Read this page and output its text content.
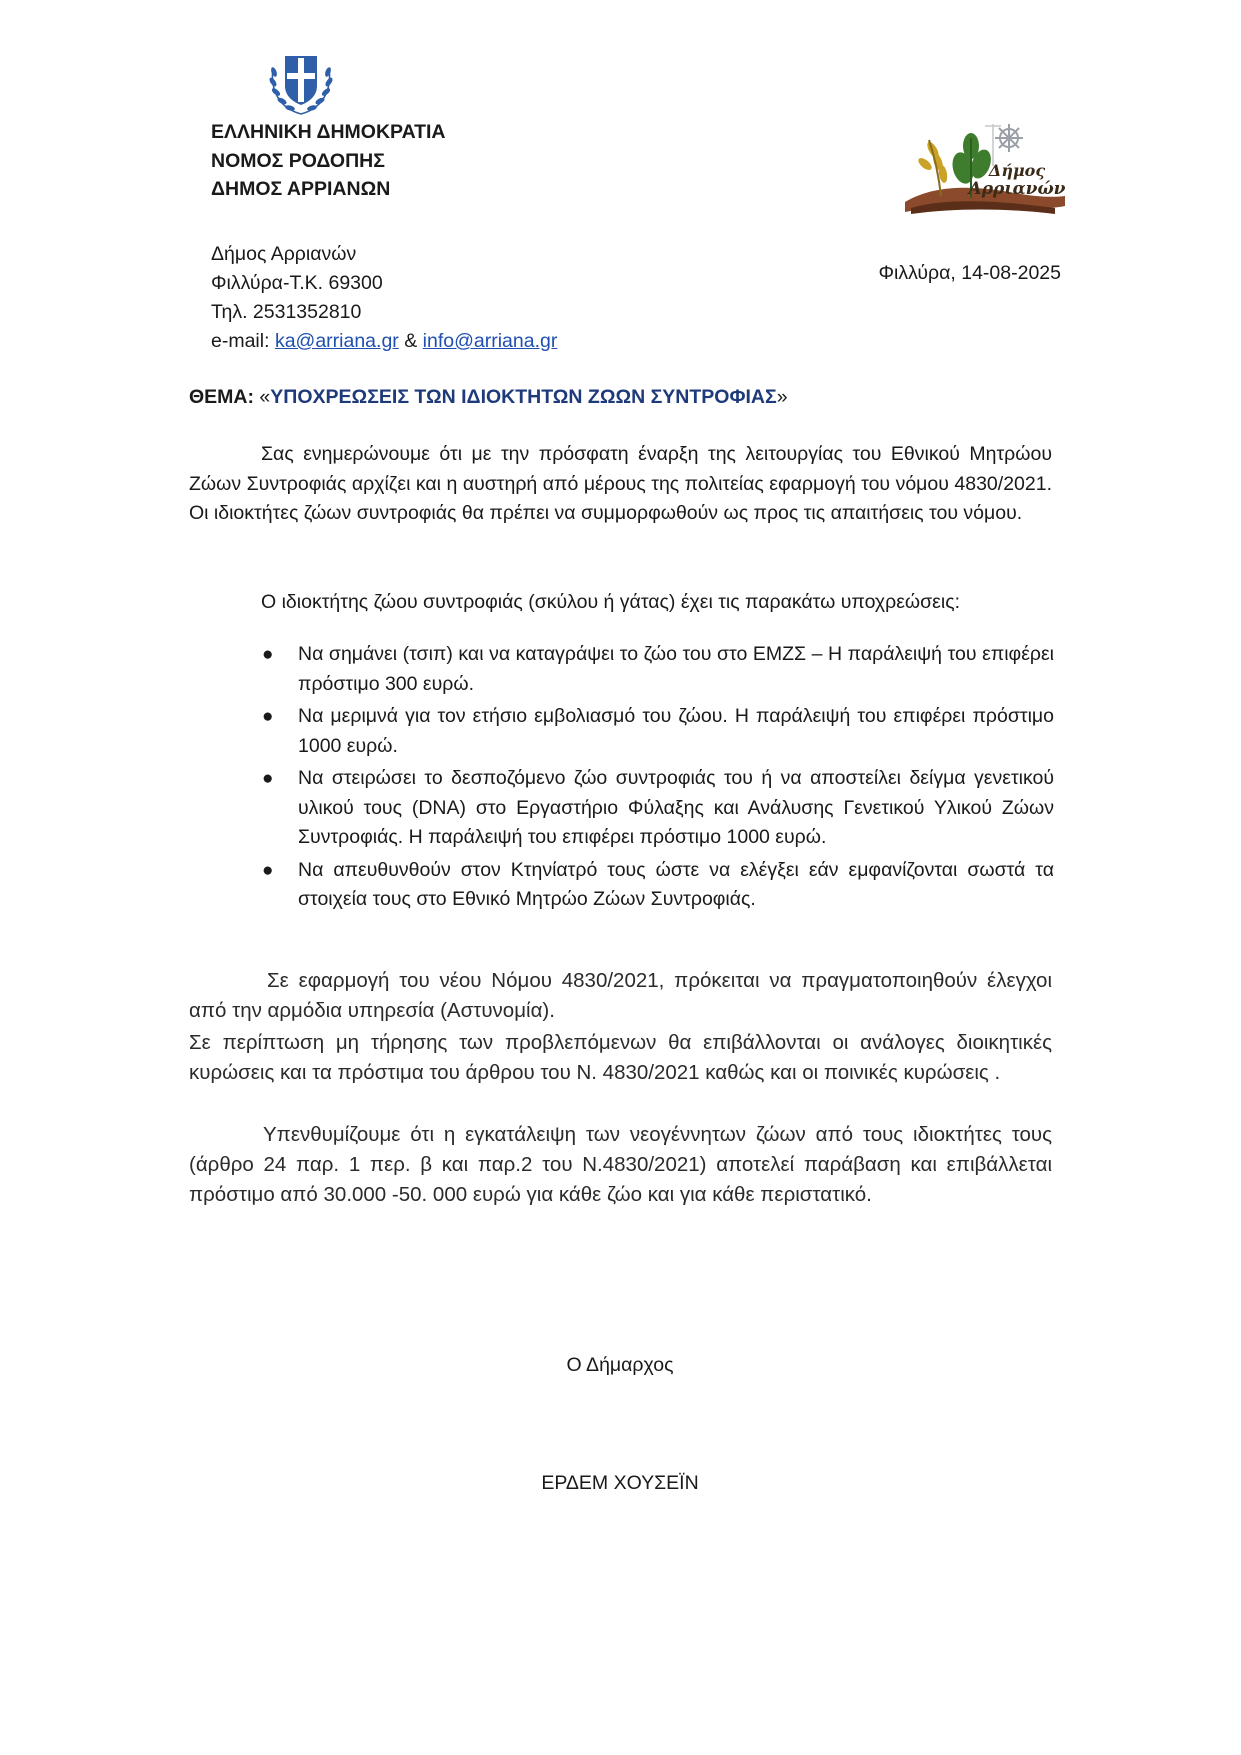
ΕΛΛΗΝΙΚΗ ΔΗΜΟΚΡΑΤΙΑ
ΝΟΜΟΣ ΡΟΔΟΠΗΣ
ΔΗΜΟΣ ΑΡΡΙΑΝΩΝ
Δήμος
Αρριανών
Δήμος Αρριανών
Φιλλύρα-Τ.Κ. 69300
Τηλ. 2531352810
e-mail: ka@arriana.gr & info@arriana.gr
Φιλλύρα, 14-08-2025
ΘΕΜΑ: «ΥΠΟΧΡΕΩΣΕΙΣ ΤΩΝ ΙΔΙΟΚΤΗΤΩΝ ΖΩΩΝ ΣΥΝΤΡΟΦΙΑΣ»
Σας ενημερώνουμε ότι με την πρόσφατη έναρξη της λειτουργίας του Εθνικού Μητρώου Ζώων Συντροφιάς αρχίζει και η αυστηρή από μέρους της πολιτείας εφαρμογή του νόμου 4830/2021. Οι ιδιοκτήτες ζώων συντροφιάς θα πρέπει να συμμορφωθούν ως προς τις απαιτήσεις του νόμου.
Ο ιδιοκτήτης ζώου συντροφιάς (σκύλου ή γάτας) έχει τις παρακάτω υποχρεώσεις:
● Να σημάνει (τσιπ) και να καταγράψει το ζώο του στο ΕΜΖΣ – Η παράλειψή του επιφέρει πρόστιμο 300 ευρώ.
● Να μεριμνά για τον ετήσιο εμβολιασμό του ζώου. Η παράλειψή του επιφέρει πρόστιμο 1000 ευρώ.
● Να στειρώσει το δεσποζόμενο ζώο συντροφιάς του ή να αποστείλει δείγμα γενετικού υλικού τους (DNA) στο Εργαστήριο Φύλαξης και Ανάλυσης Γενετικού Υλικού Ζώων Συντροφιάς. Η παράλειψή του επιφέρει πρόστιμο 1000 ευρώ.
● Να απευθυνθούν στον Κτηνίατρό τους ώστε να ελέγξει εάν εμφανίζονται σωστά τα στοιχεία τους στο Εθνικό Μητρώο Ζώων Συντροφιάς.
Σε εφαρμογή του νέου Νόμου 4830/2021, πρόκειται να πραγματοποιηθούν έλεγχοι από την αρμόδια υπηρεσία (Αστυνομία).
Σε περίπτωση μη τήρησης των προβλεπόμενων θα επιβάλλονται οι ανάλογες διοικητικές κυρώσεις και τα πρόστιμα του άρθρου του Ν. 4830/2021 καθώς και οι ποινικές κυρώσεις .
Υπενθυμίζουμε ότι η εγκατάλειψη των νεογέννητων ζώων από τους ιδιοκτήτες τους (άρθρο 24 παρ. 1 περ. β και παρ.2 του Ν.4830/2021) αποτελεί παράβαση και επιβάλλεται πρόστιμο από 30.000 -50. 000 ευρώ για κάθε ζώο και για κάθε περιστατικό.
Ο Δήμαρχος
ΕΡΔΕΜ ΧΟΥΣΕΪΝ
